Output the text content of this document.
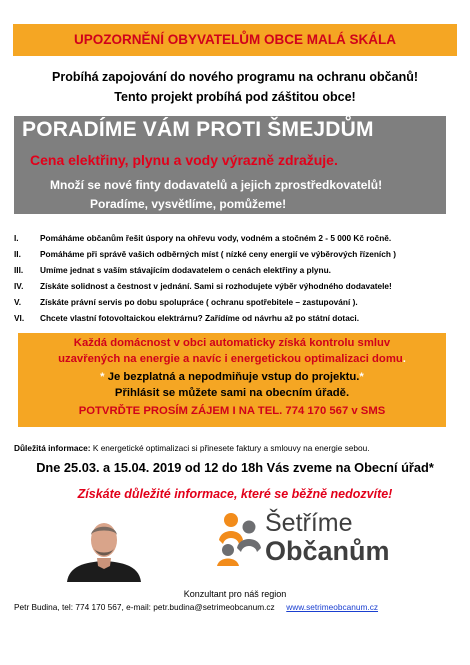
UPOZORNĚNÍ OBYVATELŮM OBCE MALÁ SKÁLA
Probíhá zapojování do nového programu na ochranu občanů!
Tento projekt probíhá pod záštitou obce!
PORADÍME VÁM PROTI ŠMEJDŮM
Cena elektřiny, plynu a vody výrazně zdražuje.
Množí se nové finty dodavatelů a jejich zprostředkovatelů!
Poradíme, vysvětlíme, pomůžeme!
I.	Pomáháme občanům řešit úspory na ohřevu vody, vodném a stočném 2 - 5 000 Kč ročně.
II.	Pomáháme při správě vašich odběrných míst ( nízké ceny energií ve výběrových řízeních )
III.	Umíme jednat s vaším stávajícím dodavatelem o cenách elektřiny a plynu.
IV.	Získáte solidnost a čestnost v jednání. Sami si rozhodujete výběr výhodného dodavatele!
V.	Získáte právní servis po dobu spolupráce ( ochranu spotřebitele – zastupování ).
VI.	Chcete vlastní fotovoltaickou elektrárnu? Zařídíme od návrhu až po státní dotaci.
Každá domácnost v obci automaticky získá kontrolu smluv
uzavřených na energie a navíc i energetickou optimalizaci domu.
* Je bezplatná a nepodmiňuje vstup do projektu.*
Přihlásit se můžete sami na obecním úřadě.
POTVRĎTE PROSÍM ZÁJEM I NA TEL. 774 170 567 v SMS
Důležitá informace: K energetické optimalizaci si přinesete faktury a smlouvy na energie sebou.
Dne 25.03. a 15.04. 2019 od 12 do 18h Vás zveme na Obecní úřad*
Získáte důležité informace, které se běžně nedozvíte!
Šetříme
Občanům
Konzultant pro náš region
Petr Budina, tel: 774 170 567, e-mail: petr.budina@setrimeobcanum.cz www.setrimeobcanum.cz
